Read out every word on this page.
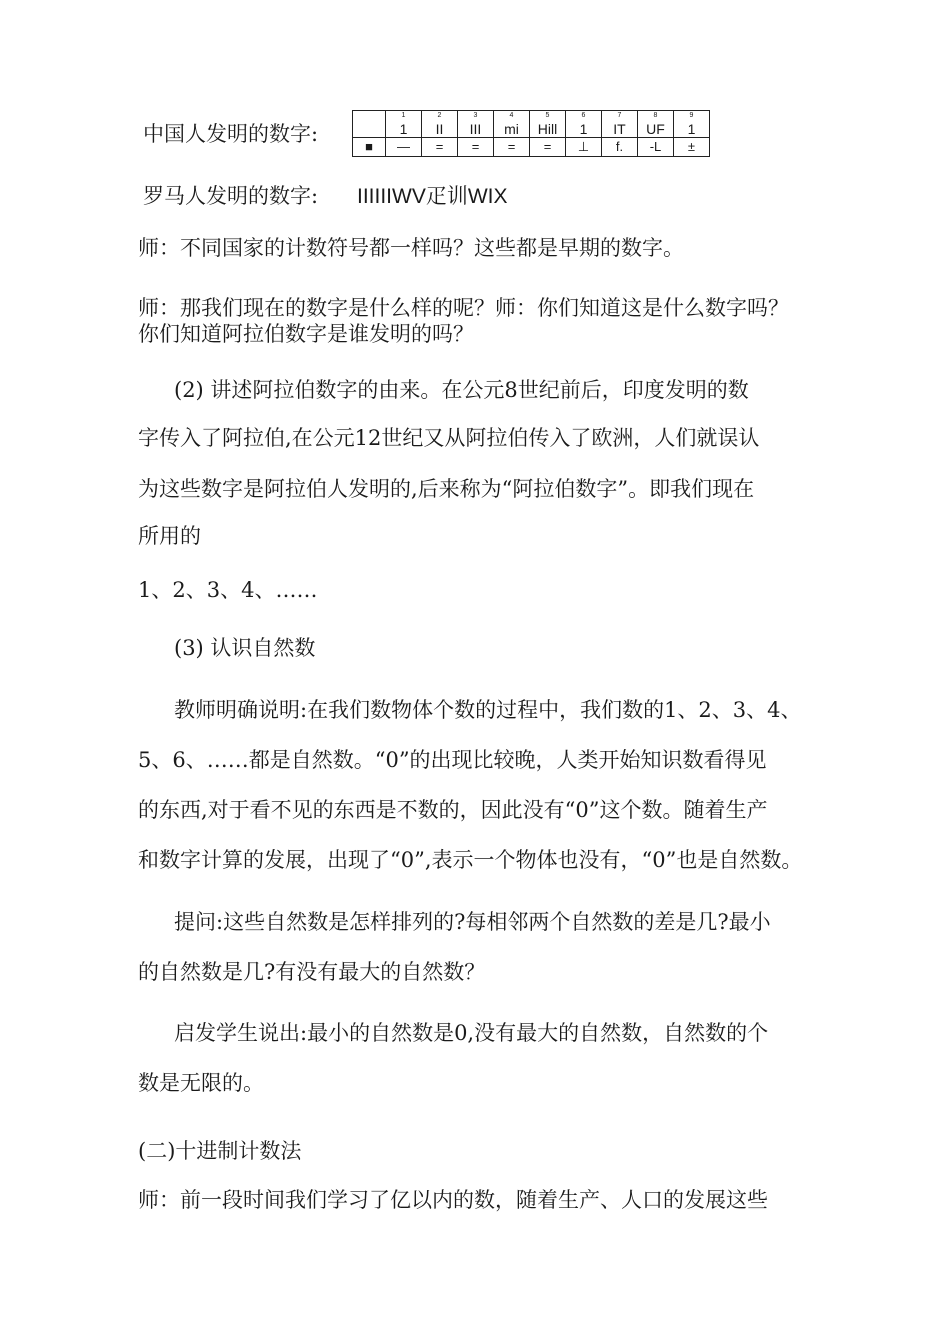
中国人发明的数字:
	1	2	3	4	5	6	7	8	9
	1	II	III	mi	Hill	1	IT	UF	1
■	—	=	=	=	=	⊥	f.	-L	±
罗马人发明的数字: IIIIIIWV疋训WIX
师：不同国家的计数符号都一样吗？这些都是早期的数字。
师：那我们现在的数字是什么样的呢？师：你们知道这是什么数字吗？
你们知道阿拉伯数字是谁发明的吗？
(2) 讲述阿拉伯数字的由来。在公元8世纪前后，印度发明的数
字传入了阿拉伯,在公元12世纪又从阿拉伯传入了欧洲，人们就误认
为这些数字是阿拉伯人发明的,后来称为“阿拉伯数字”。即我们现在
所用的
1、2、3、4、……
(3) 认识自然数
教师明确说明:在我们数物体个数的过程中，我们数的1、2、3、4、
5、6、……都是自然数。“0”的出现比较晚，人类开始知识数看得见
的东西,对于看不见的东西是不数的，因此没有“0”这个数。随着生产
和数字计算的发展，出现了“0”,表示一个物体也没有，“0”也是自然数。
提问:这些自然数是怎样排列的?每相邻两个自然数的差是几?最小
的自然数是几?有没有最大的自然数？
启发学生说出:最小的自然数是0,没有最大的自然数，自然数的个
数是无限的。
(二)十进制计数法
师：前一段时间我们学习了亿以内的数，随着生产、人口的发展这些
